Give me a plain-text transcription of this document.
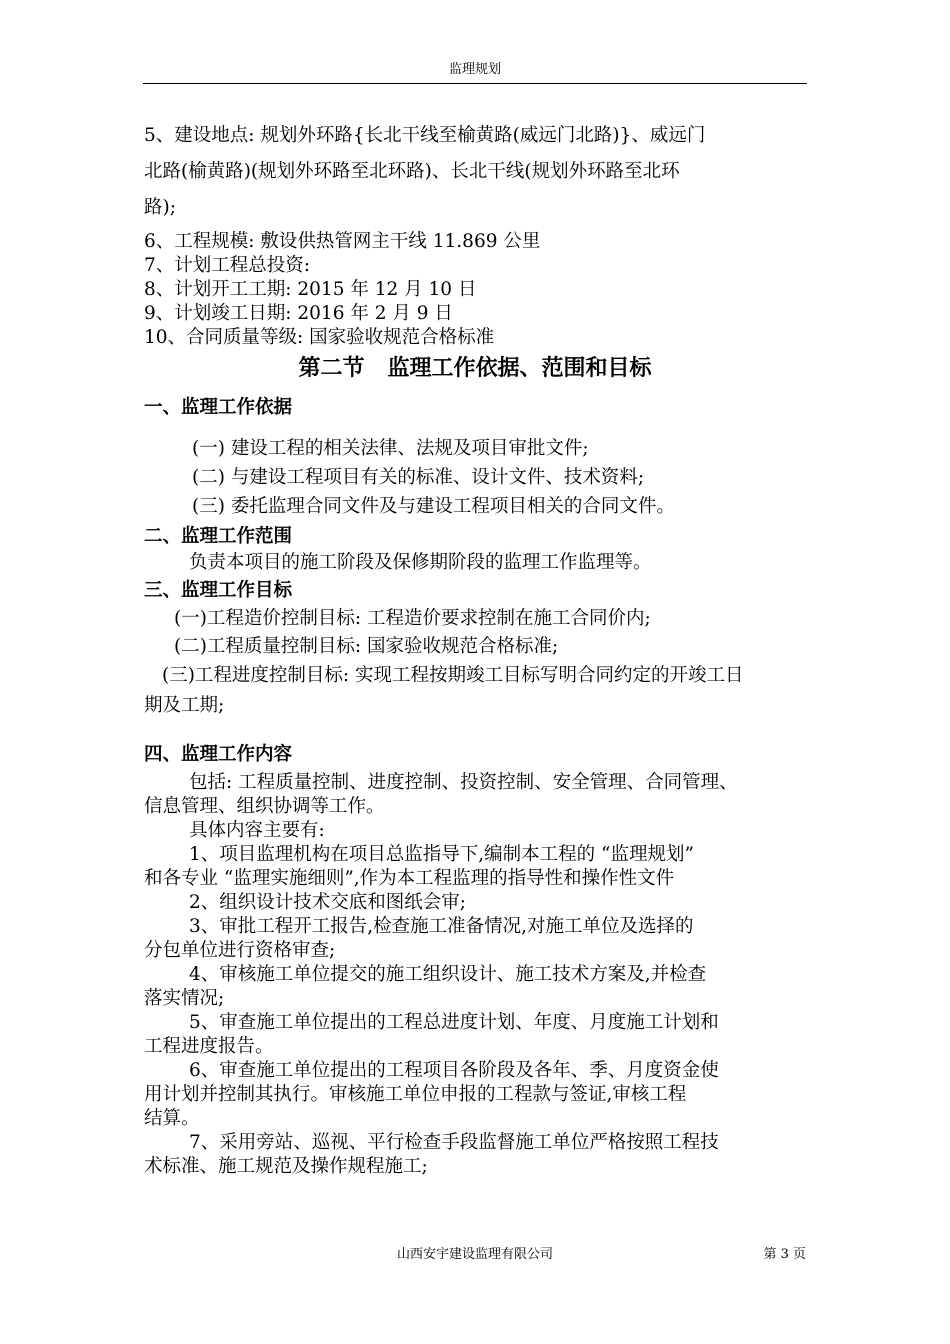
监理规划

5、建设地点: 规划外环路{长北干线至榆黄路(威远门北路)}、威远门

北路(榆黄路)(规划外环路至北环路)、长北干线(规划外环路至北环

路);

6、工程规模: 敷设供热管网主干线 11.869 公里

7、计划工程总投资:

8、计划开工工期: 2015 年 12 月 10 日

9、计划竣工日期: 2016 年 2 月 9 日

10、合同质量等级: 国家验收规范合格标准

第二节   监理工作依据、范围和目标
一、监理工作依据

(一) 建设工程的相关法律、法规及项目审批文件;

(二) 与建设工程项目有关的标准、设计文件、技术资料;

(三) 委托监理合同文件及与建设工程项目相关的合同文件。

二、监理工作范围

负责本项目的施工阶段及保修期阶段的监理工作监理等。

三、监理工作目标

(一)工程造价控制目标: 工程造价要求控制在施工合同价内;

(二)工程质量控制目标: 国家验收规范合格标准;

(三)工程进度控制目标: 实现工程按期竣工目标写明合同约定的开竣工日

期及工期;

四、监理工作内容

包括: 工程质量控制、进度控制、投资控制、安全管理、合同管理、

信息管理、组织协调等工作。

具体内容主要有:

1、项目监理机构在项目总监指导下,编制本工程的 “监理规划”

和各专业 “监理实施细则”,作为本工程监理的指导性和操作性文件

2、组织设计技术交底和图纸会审;

3、审批工程开工报告,检查施工准备情况,对施工单位及选择的

分包单位进行资格审查;

4、审核施工单位提交的施工组织设计、施工技术方案及,并检查

落实情况;

5、审查施工单位提出的工程总进度计划、年度、月度施工计划和

工程进度报告。

6、审查施工单位提出的工程项目各阶段及各年、季、月度资金使

用计划并控制其执行。审核施工单位申报的工程款与签证,审核工程

结算。

7、采用旁站、巡视、平行检查手段监督施工单位严格按照工程技

术标准、施工规范及操作规程施工;

山西安宇建设监理有限公司	第 3 页
